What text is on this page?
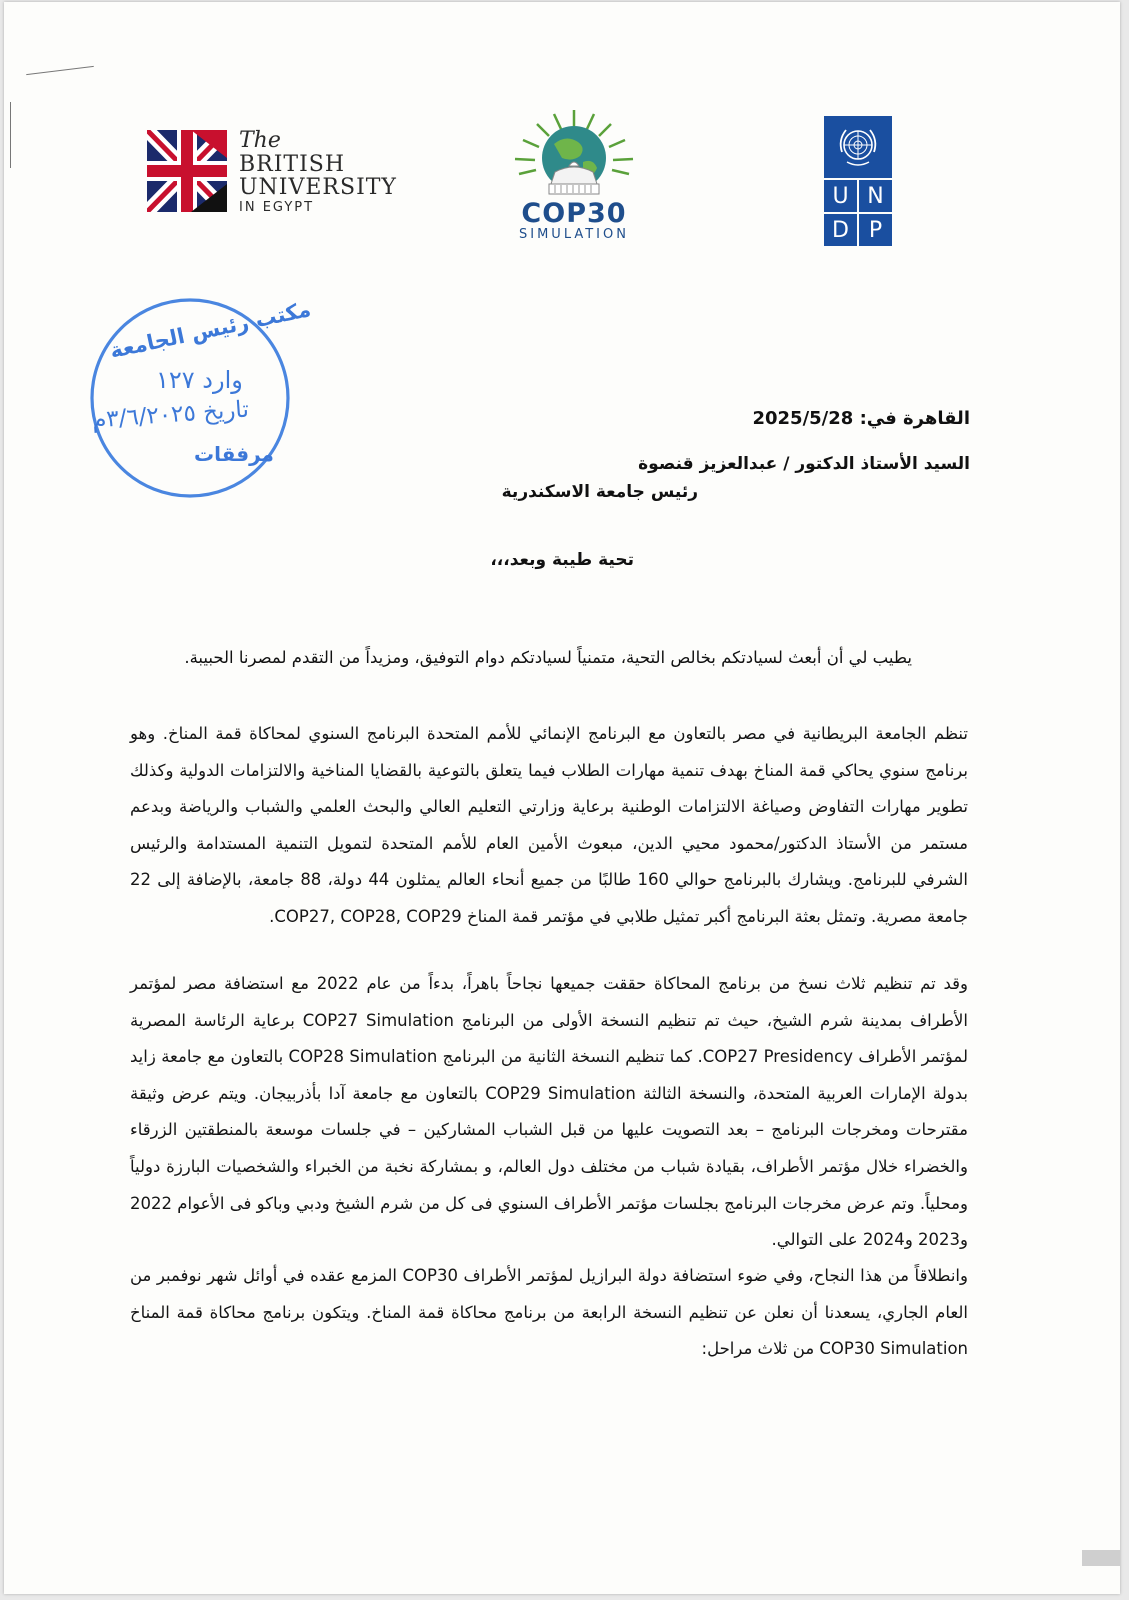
The
BRITISH
UNIVERSITY
IN EGYPT	COP30
SIMULATION
U N
D P
مكتب رئيس الجامعة
وارد ١٢٧
تاريخ ٣/٦/٢٠٢٥م
مرفقات
القاهرة في: 2025/5/28
السيد الأستاذ الدكتور / عبدالعزيز قنصوة
رئيس جامعة الاسكندرية
تحية طيبة وبعد،،،
يطيب لي أن أبعث لسيادتكم بخالص التحية، متمنياً لسيادتكم دوام التوفيق، ومزيداً من التقدم لمصرنا الحبيبة.
تنظم الجامعة البريطانية في مصر بالتعاون مع البرنامج الإنمائي للأمم المتحدة البرنامج السنوي لمحاكاة قمة المناخ. وهو برنامج سنوي يحاكي قمة المناخ بهدف تنمية مهارات الطلاب فيما يتعلق بالتوعية بالقضايا المناخية والالتزامات الدولية وكذلك تطوير مهارات التفاوض وصياغة الالتزامات الوطنية برعاية وزارتي التعليم العالي والبحث العلمي والشباب والرياضة وبدعم مستمر من الأستاذ الدكتور/محمود محيي الدين، مبعوث الأمين العام للأمم المتحدة لتمويل التنمية المستدامة والرئيس الشرفي للبرنامج. ويشارك بالبرنامج حوالي 160 طالبًا من جميع أنحاء العالم يمثلون 44 دولة، 88 جامعة، بالإضافة إلى 22 جامعة مصرية. وتمثل بعثة البرنامج أكبر تمثيل طلابي في مؤتمر قمة المناخ COP27, COP28, COP29.
وقد تم تنظيم ثلاث نسخ من برنامج المحاكاة حققت جميعها نجاحاً باهراً، بدءاً من عام 2022 مع استضافة مصر لمؤتمر الأطراف بمدينة شرم الشيخ، حيث تم تنظيم النسخة الأولى من البرنامج COP27 Simulation برعاية الرئاسة المصرية لمؤتمر الأطراف COP27 Presidency. كما تنظيم النسخة الثانية من البرنامج COP28 Simulation بالتعاون مع جامعة زايد بدولة الإمارات العربية المتحدة، والنسخة الثالثة COP29 Simulation بالتعاون مع جامعة آدا بأذربيجان. ويتم عرض وثيقة مقترحات ومخرجات البرنامج – بعد التصويت عليها من قبل الشباب المشاركين – في جلسات موسعة بالمنطقتين الزرقاء والخضراء خلال مؤتمر الأطراف، بقيادة شباب من مختلف دول العالم، و بمشاركة نخبة من الخبراء والشخصيات البارزة دولياً ومحلياً. وتم عرض مخرجات البرنامج بجلسات مؤتمر الأطراف السنوي فى كل من شرم الشيخ ودبي وباكو فى الأعوام 2022 و2023 و2024 على التوالي.
وانطلاقاً من هذا النجاح، وفي ضوء استضافة دولة البرازيل لمؤتمر الأطراف COP30 المزمع عقده في أوائل شهر نوفمبر من العام الجاري، يسعدنا أن نعلن عن تنظيم النسخة الرابعة من برنامج محاكاة قمة المناخ. ويتكون برنامج محاكاة قمة المناخ COP30 Simulation من ثلاث مراحل:
